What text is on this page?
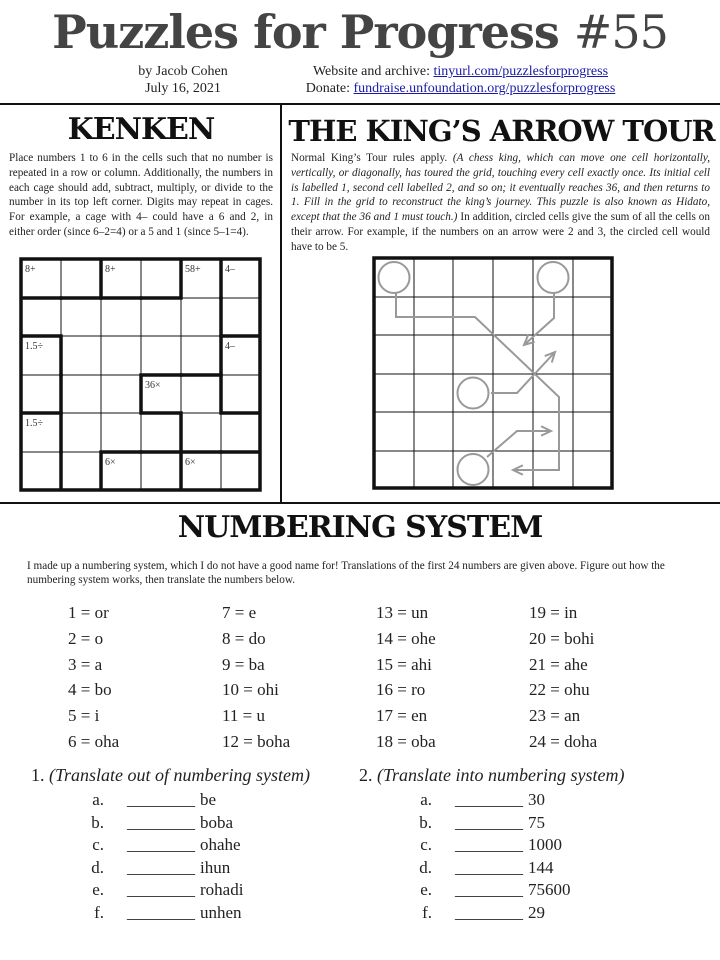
Puzzles for Progress #55
by Jacob Cohen
July 16, 2021
Website and archive: tinyurl.com/puzzlesforprogress
Donate: fundraise.unfoundation.org/puzzlesforprogress
KENKEN
Place numbers 1 to 6 in the cells such that no number is repeated in a row or column. Additionally, the numbers in each cage should add, subtract, multiply, or divide to the number in its top left corner. Digits may repeat in cages. For example, a cage with 4– could have a 6 and 2, in either order (since 6–2=4) or a 5 and 1 (since 5–1=4).
8+	8+	58+ 4–
1.5÷	4–
36×
1.5÷
6×	6×
THE KING’S ARROW TOUR
Normal King’s Tour rules apply. (A chess king, which can move one cell horizontally, vertically, or diagonally, has toured the grid, touching every cell exactly once. Its initial cell is labelled 1, second cell labelled 2, and so on; it eventually reaches 36, and then returns to 1. Fill in the grid to reconstruct the king’s journey. This puzzle is also known as Hidato, except that the 36 and 1 must touch.) In addition, circled cells give the sum of all the cells on their arrow. For example, if the numbers on an arrow were 2 and 3, the circled cell would have to be 5.
NUMBERING SYSTEM
I made up a numbering system, which I do not have a good name for! Translations of the first 24 numbers are given above. Figure out how the numbering system works, then translate the numbers below.
1 = or
2 = o
3 = a
4 = bo
5 = i
6 = oha
7 = e
8 = do
9 = ba
10 = ohi
11 = u
12 = boha
13 = un
14 = ohe
15 = ahi
16 = ro
17 = en
18 = oba
19 = in
20 = bohi
21 = ahe
22 = ohu
23 = an
24 = doha
1. (Translate out of numbering system)
a. ________ be
b. ________ boba
c. ________ ohahe
d. ________ ihun
e. ________ rohadi
f. ________ unhen
2. (Translate into numbering system)
a. ________ 30
b. ________ 75
c. ________ 1000
d. ________ 144
e. ________ 75600
f. ________ 29
